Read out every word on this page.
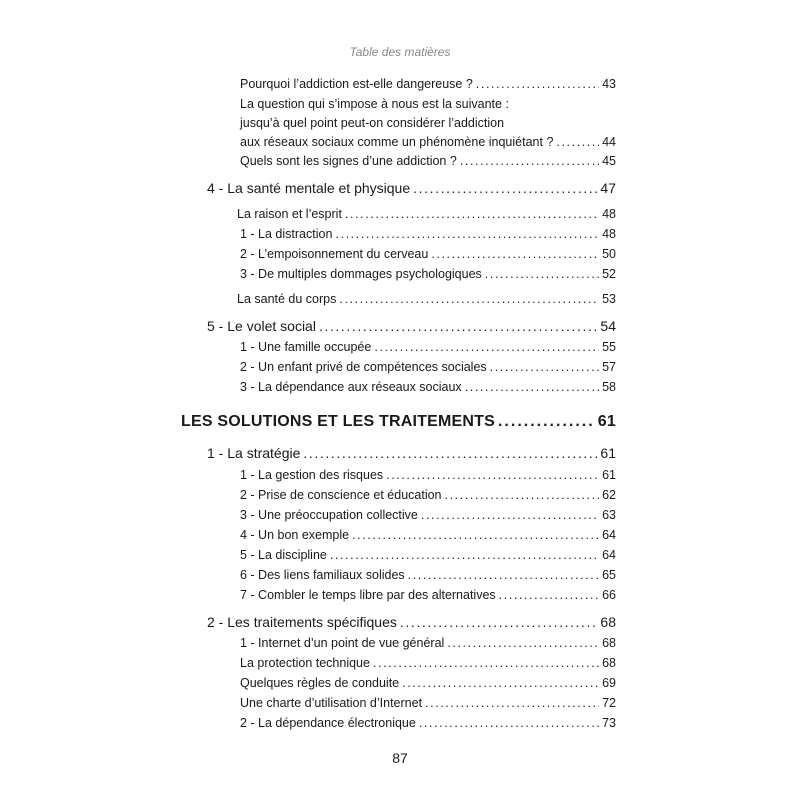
Table des matières
Pourquoi l’addiction est-elle dangereuse ? .....	43
La question qui s’impose à nous est la suivante :
jusqu’à quel point peut-on considérer l’addiction
aux réseaux sociaux comme un phénomène inquiétant ? .....	44
Quels sont les signes d’une addiction ? .....	45
4 - La santé mentale et physique .....	47
La raison et l’esprit .....	48
1 - La distraction .....	48
2 - L’empoisonnement du cerveau .....	50
3 - De multiples dommages psychologiques .....	52
La santé du corps .....	53
5 - Le volet social .....	54
1 - Une famille occupée .....	55
2 - Un enfant privé de compétences sociales .....	57
3 - La dépendance aux réseaux sociaux .....	58
LES SOLUTIONS ET LES TRAITEMENTS .....	61
1 - La stratégie .....	61
1 - La gestion des risques .....	61
2 - Prise de conscience et éducation .....	62
3 - Une préoccupation collective .....	63
4 - Un bon exemple .....	64
5 - La discipline .....	64
6 - Des liens familiaux solides .....	65
7 - Combler le temps libre par des alternatives .....	66
2 - Les traitements spécifiques .....	68
1 - Internet d’un point de vue général .....	68
La protection technique .....	68
Quelques règles de conduite .....	69
Une charte d’utilisation d’Internet .....	72
2 - La dépendance électronique .....	73
87
